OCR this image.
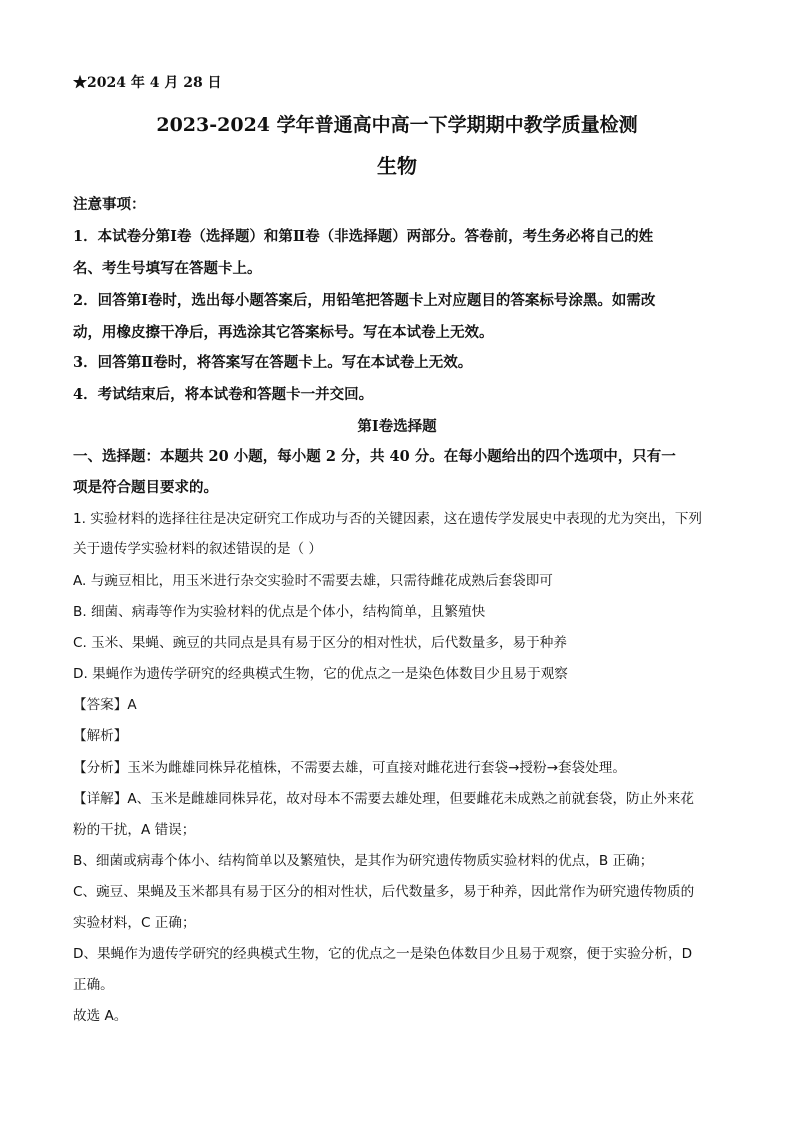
★2024 年 4 月 28 日
2023-2024 学年普通高中高一下学期期中教学质量检测
生物
注意事项：
1．本试卷分第Ⅰ卷（选择题）和第Ⅱ卷（非选择题）两部分。答卷前，考生务必将自己的姓
名、考生号填写在答题卡上。
2．回答第Ⅰ卷时，选出每小题答案后，用铅笔把答题卡上对应题目的答案标号涂黑。如需改
动，用橡皮擦干净后，再选涂其它答案标号。写在本试卷上无效。
3．回答第Ⅱ卷时，将答案写在答题卡上。写在本试卷上无效。
4．考试结束后，将本试卷和答题卡一并交回。
第Ⅰ卷选择题
一、选择题：本题共 20 小题，每小题 2 分，共 40 分。在每小题给出的四个选项中，只有一
项是符合题目要求的。
1. 实验材料的选择往往是决定研究工作成功与否的关键因素，这在遗传学发展史中表现的尤为突出，下列
关于遗传学实验材料的叙述错误的是（ ）
A. 与豌豆相比，用玉米进行杂交实验时不需要去雄，只需待雌花成熟后套袋即可
B. 细菌、病毒等作为实验材料的优点是个体小，结构简单，且繁殖快
C. 玉米、果蝇、豌豆的共同点是具有易于区分的相对性状，后代数量多，易于种养
D. 果蝇作为遗传学研究的经典模式生物，它的优点之一是染色体数目少且易于观察
【答案】A
【解析】
【分析】玉米为雌雄同株异花植株，不需要去雄，可直接对雌花进行套袋→授粉→套袋处理。
【详解】A、玉米是雌雄同株异花，故对母本不需要去雄处理，但要雌花未成熟之前就套袋，防止外来花
粉的干扰，A 错误；
B、细菌或病毒个体小、结构简单以及繁殖快，是其作为研究遗传物质实验材料的优点，B 正确；
C、豌豆、果蝇及玉米都具有易于区分的相对性状，后代数量多，易于种养，因此常作为研究遗传物质的
实验材料，C 正确；
D、果蝇作为遗传学研究的经典模式生物，它的优点之一是染色体数目少且易于观察，便于实验分析，D
正确。
故选 A。
